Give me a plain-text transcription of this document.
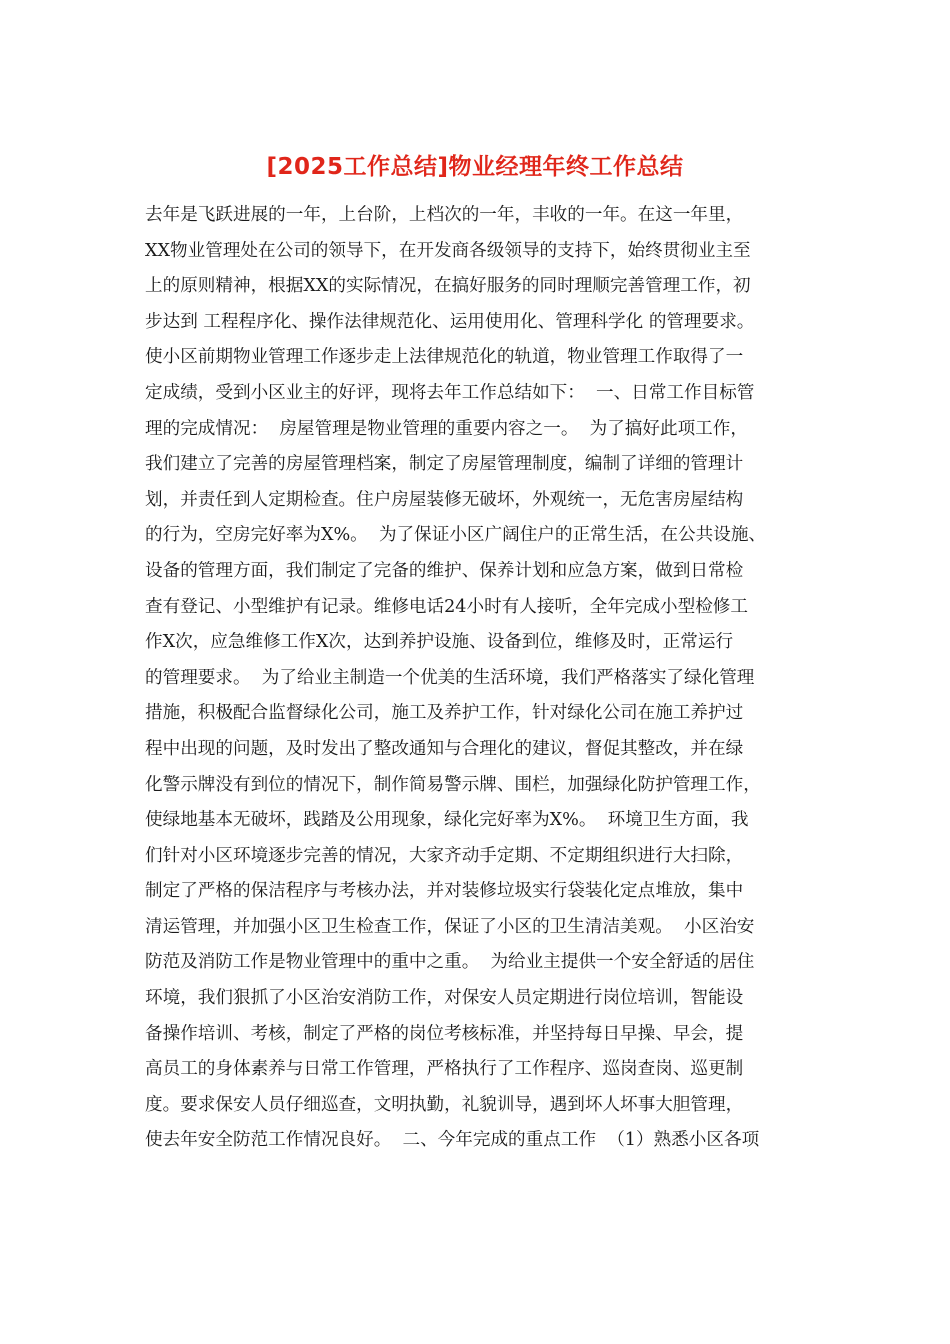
[2025工作总结]物业经理年终工作总结
去年是飞跃进展的一年，上台阶，上档次的一年，丰收的一年。在这一年里，
XX物业管理处在公司的领导下，在开发商各级领导的支持下，始终贯彻业主至
上的原则精神，根据XX的实际情况，在搞好服务的同时理顺完善管理工作，初
步达到 工程程序化、操作法律规范化、运用使用化、管理科学化 的管理要求。
使小区前期物业管理工作逐步走上法律规范化的轨道，物业管理工作取得了一
定成绩，受到小区业主的好评，现将去年工作总结如下：  一、日常工作目标管
理的完成情况：  房屋管理是物业管理的重要内容之一。  为了搞好此项工作，
我们建立了完善的房屋管理档案，制定了房屋管理制度，编制了详细的管理计
划，并责任到人定期检查。住户房屋装修无破坏，外观统一，无危害房屋结构
的行为，空房完好率为X%。  为了保证小区广阔住户的正常生活，在公共设施、
设备的管理方面，我们制定了完备的维护、保养计划和应急方案，做到日常检
查有登记、小型维护有记录。维修电话24小时有人接听，全年完成小型检修工
作X次，应急维修工作X次，达到养护设施、设备到位，维修及时，正常运行
的管理要求。  为了给业主制造一个优美的生活环境，我们严格落实了绿化管理
措施，积极配合监督绿化公司，施工及养护工作，针对绿化公司在施工养护过
程中出现的问题，及时发出了整改通知与合理化的建议，督促其整改，并在绿
化警示牌没有到位的情况下，制作简易警示牌、围栏，加强绿化防护管理工作，
使绿地基本无破坏，践踏及公用现象，绿化完好率为X%。  环境卫生方面，我
们针对小区环境逐步完善的情况，大家齐动手定期、不定期组织进行大扫除，
制定了严格的保洁程序与考核办法，并对装修垃圾实行袋装化定点堆放，集中
清运管理，并加强小区卫生检查工作，保证了小区的卫生清洁美观。  小区治安
防范及消防工作是物业管理中的重中之重。  为给业主提供一个安全舒适的居住
环境，我们狠抓了小区治安消防工作，对保安人员定期进行岗位培训，智能设
备操作培训、考核，制定了严格的岗位考核标准，并坚持每日早操、早会，提
高员工的身体素养与日常工作管理，严格执行了工作程序、巡岗查岗、巡更制
度。要求保安人员仔细巡查，文明执勤，礼貌训导，遇到坏人坏事大胆管理，
使去年安全防范工作情况良好。  二、今年完成的重点工作  （1）熟悉小区各项
